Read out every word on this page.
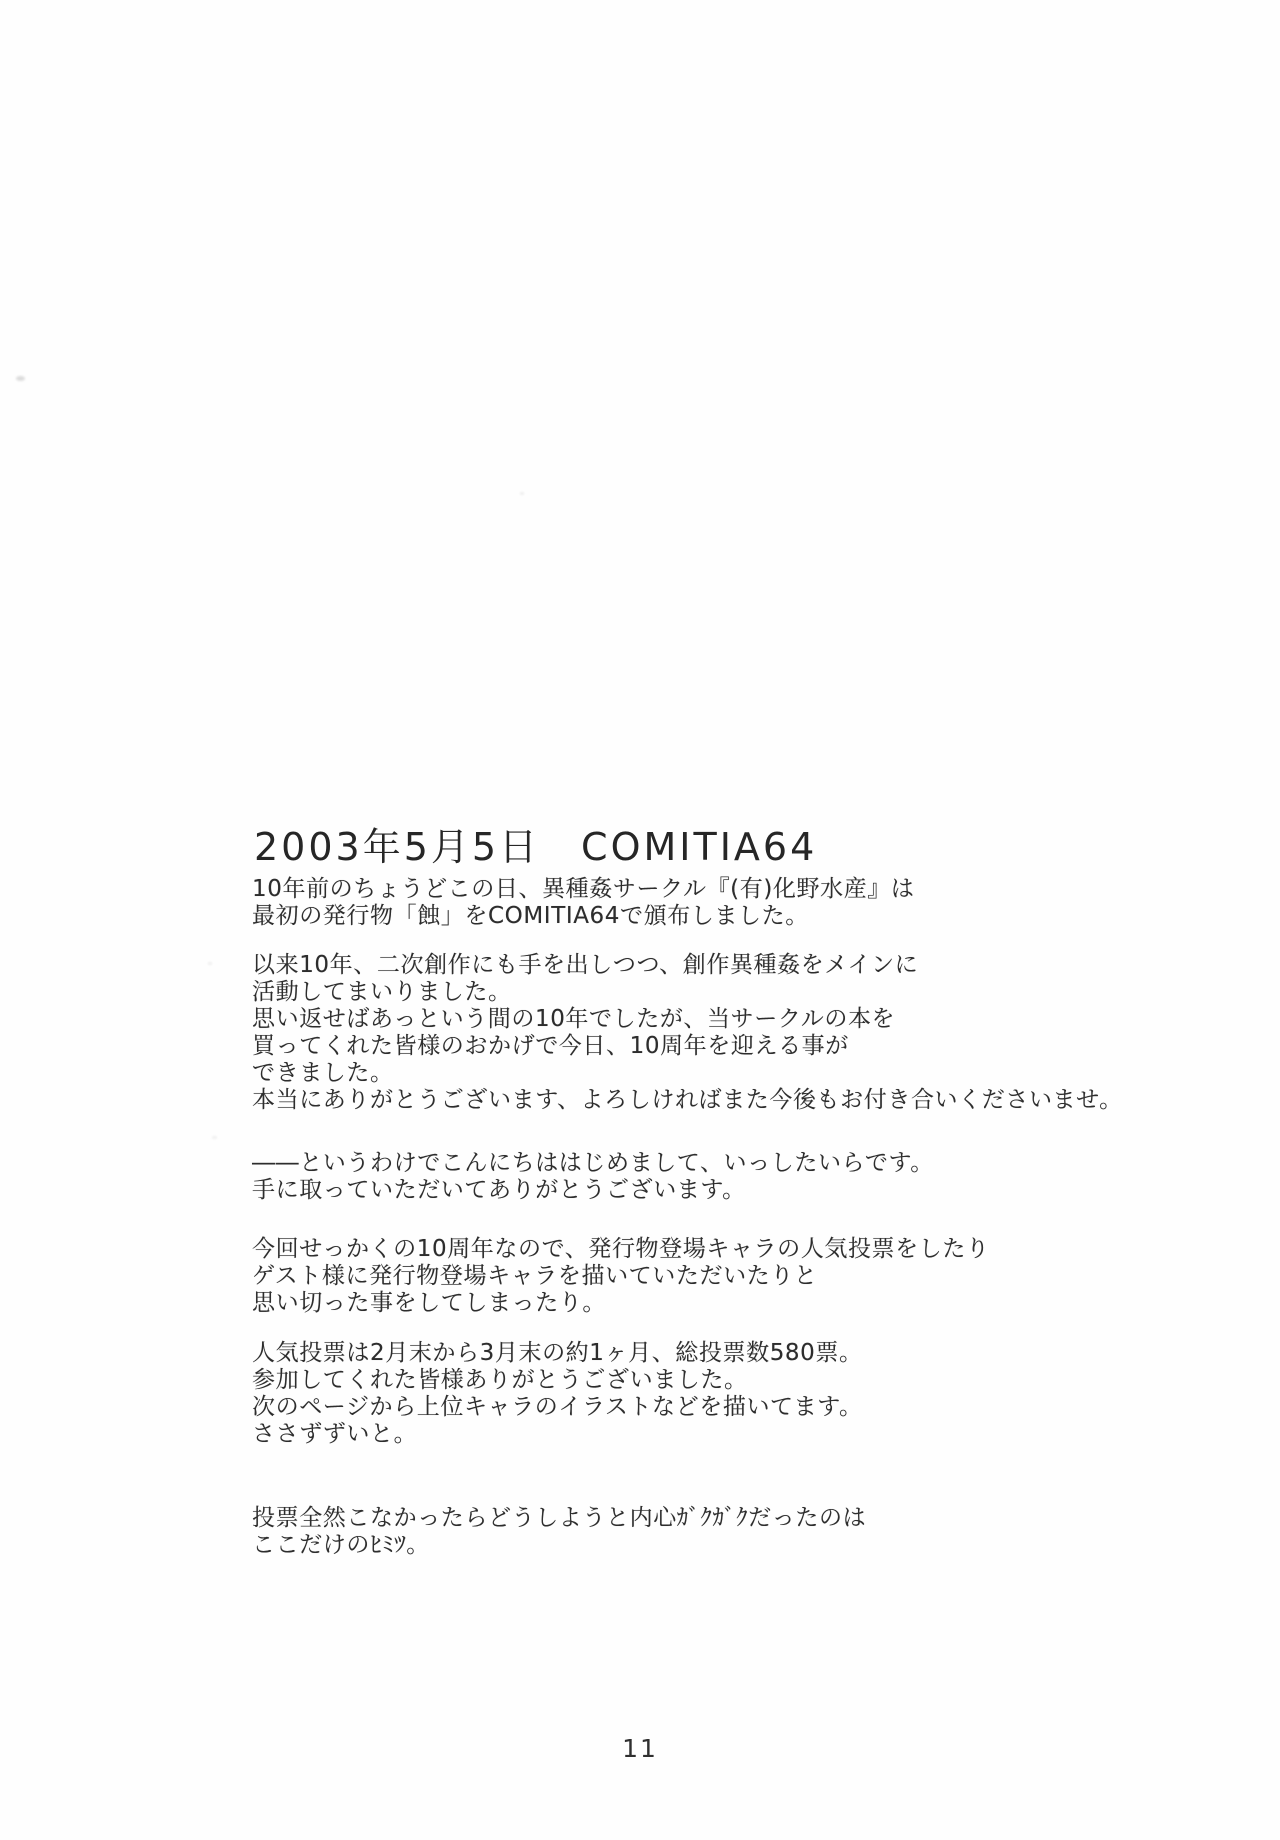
2003年5月5日　COMITIA64
10年前のちょうどこの日、異種姦サークル『(有)化野水産』は
最初の発行物「蝕」をCOMITIA64で頒布しました。
以来10年、二次創作にも手を出しつつ、創作異種姦をメインに
活動してまいりました。
思い返せばあっという間の10年でしたが、当サークルの本を
買ってくれた皆様のおかげで今日、10周年を迎える事が
できました。
本当にありがとうございます、よろしければまた今後もお付き合いくださいませ。
――というわけでこんにちははじめまして、いっしたいらです。
手に取っていただいてありがとうございます。
今回せっかくの10周年なので、発行物登場キャラの人気投票をしたり
ゲスト様に発行物登場キャラを描いていただいたりと
思い切った事をしてしまったり。
人気投票は2月末から3月末の約1ヶ月、総投票数580票。
参加してくれた皆様ありがとうございました。
次のページから上位キャラのイラストなどを描いてます。
ささずずいと。
投票全然こなかったらどうしようと内心ｶﾞｸｶﾞｸだったのは
ここだけのﾋﾐﾂ。
11
